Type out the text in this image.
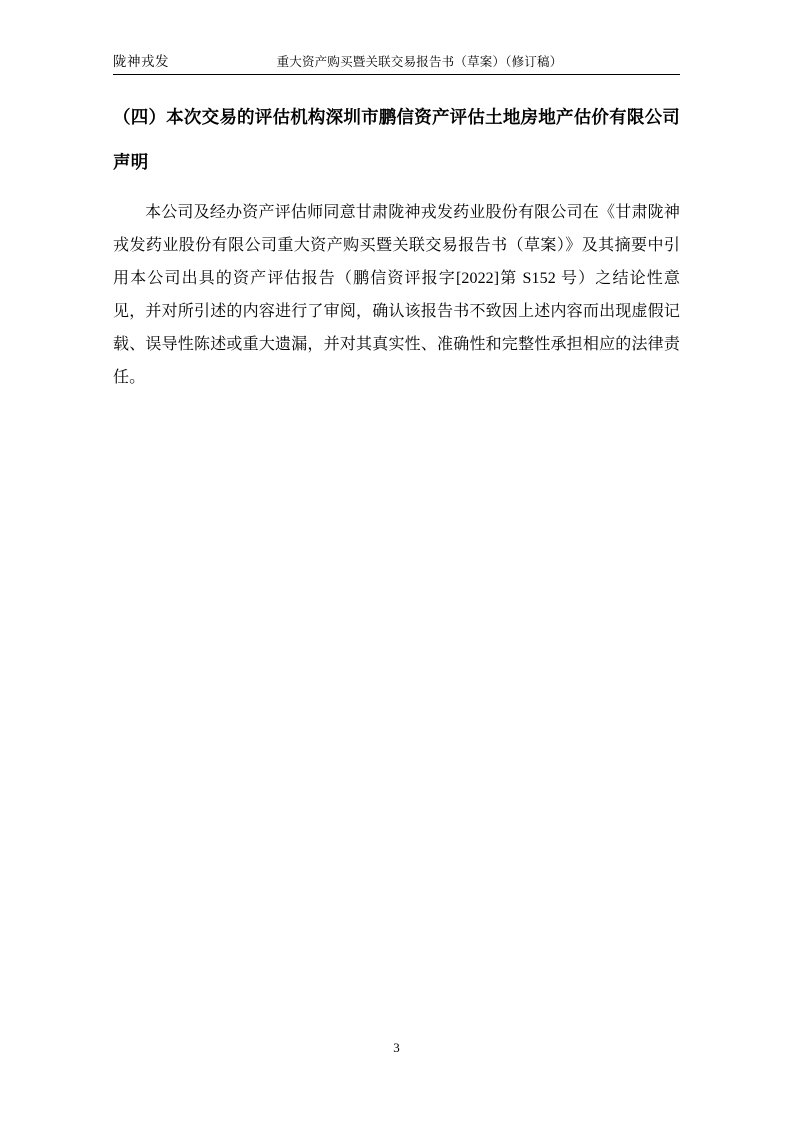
陇神戎发	重大资产购买暨关联交易报告书（草案）（修订稿）
（四）本次交易的评估机构深圳市鹏信资产评估土地房地产估价有限公司声明

本公司及经办资产评估师同意甘肃陇神戎发药业股份有限公司在《甘肃陇神戎发药业股份有限公司重大资产购买暨关联交易报告书（草案）》及其摘要中引用本公司出具的资产评估报告（鹏信资评报字[2022]第 S152 号）之结论性意见，并对所引述的内容进行了审阅，确认该报告书不致因上述内容而出现虚假记载、误导性陈述或重大遗漏，并对其真实性、准确性和完整性承担相应的法律责任。

3
